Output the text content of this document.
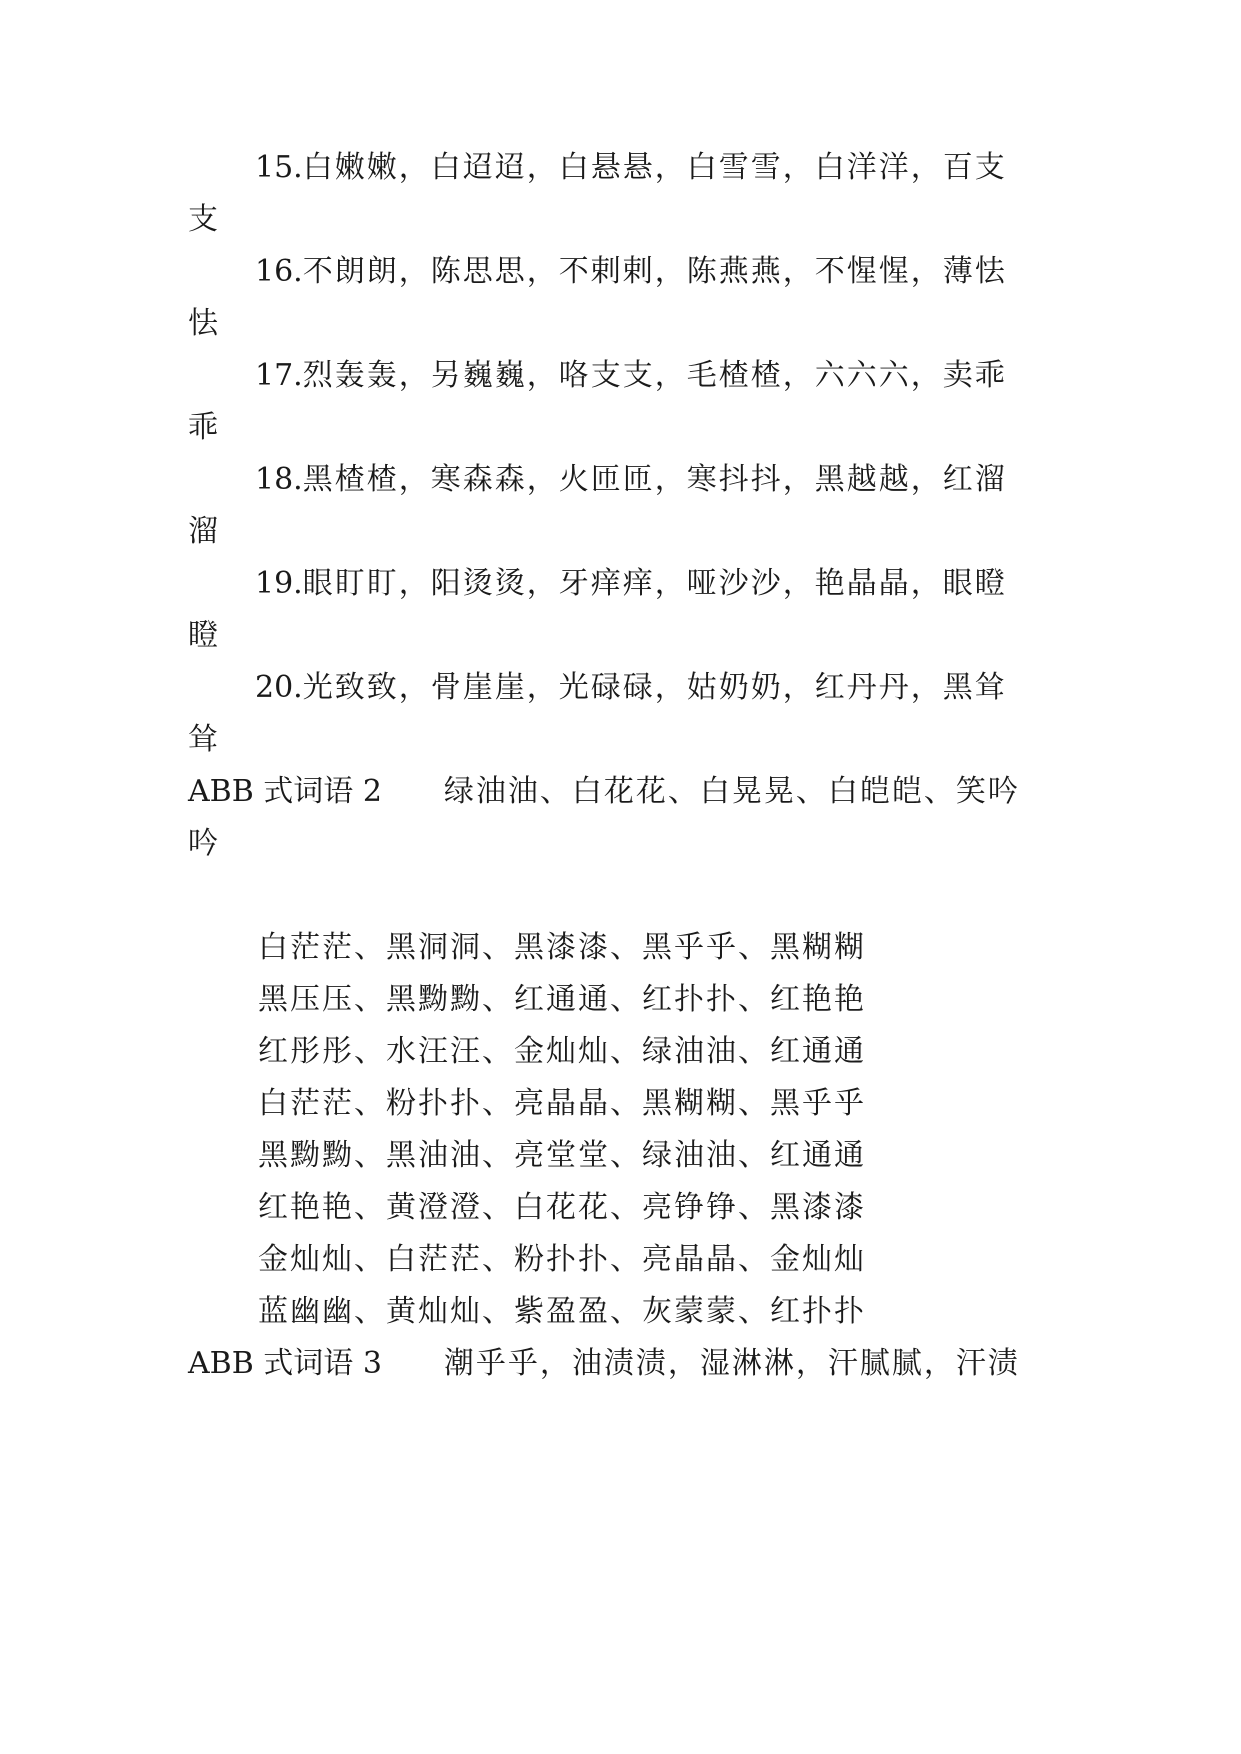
15.白嫩嫩，白迢迢，白悬悬，白雪雪，白洋洋，百支
支
16.不朗朗，陈思思，不剌剌，陈燕燕，不惺惺，薄怯
怯
17.烈轰轰，另巍巍，咯支支，毛楂楂，六六六，卖乖
乖
18.黑楂楂，寒森森，火匝匝，寒抖抖，黑越越，红溜
溜
19.眼盯盯，阳烫烫，牙痒痒，哑沙沙，艳晶晶，眼瞪
瞪
20.光致致，骨崖崖，光碌碌，姑奶奶，红丹丹，黑耸
耸
ABB 式词语 2 绿油油、白花花、白晃晃、白皑皑、笑吟
吟
白茫茫、黑洞洞、黑漆漆、黑乎乎、黑糊糊
黑压压、黑黝黝、红通通、红扑扑、红艳艳
红彤彤、水汪汪、金灿灿、绿油油、红通通
白茫茫、粉扑扑、亮晶晶、黑糊糊、黑乎乎
黑黝黝、黑油油、亮堂堂、绿油油、红通通
红艳艳、黄澄澄、白花花、亮铮铮、黑漆漆
金灿灿、白茫茫、粉扑扑、亮晶晶、金灿灿
蓝幽幽、黄灿灿、紫盈盈、灰蒙蒙、红扑扑
ABB 式词语 3 潮乎乎，油渍渍，湿淋淋，汗腻腻，汗渍
